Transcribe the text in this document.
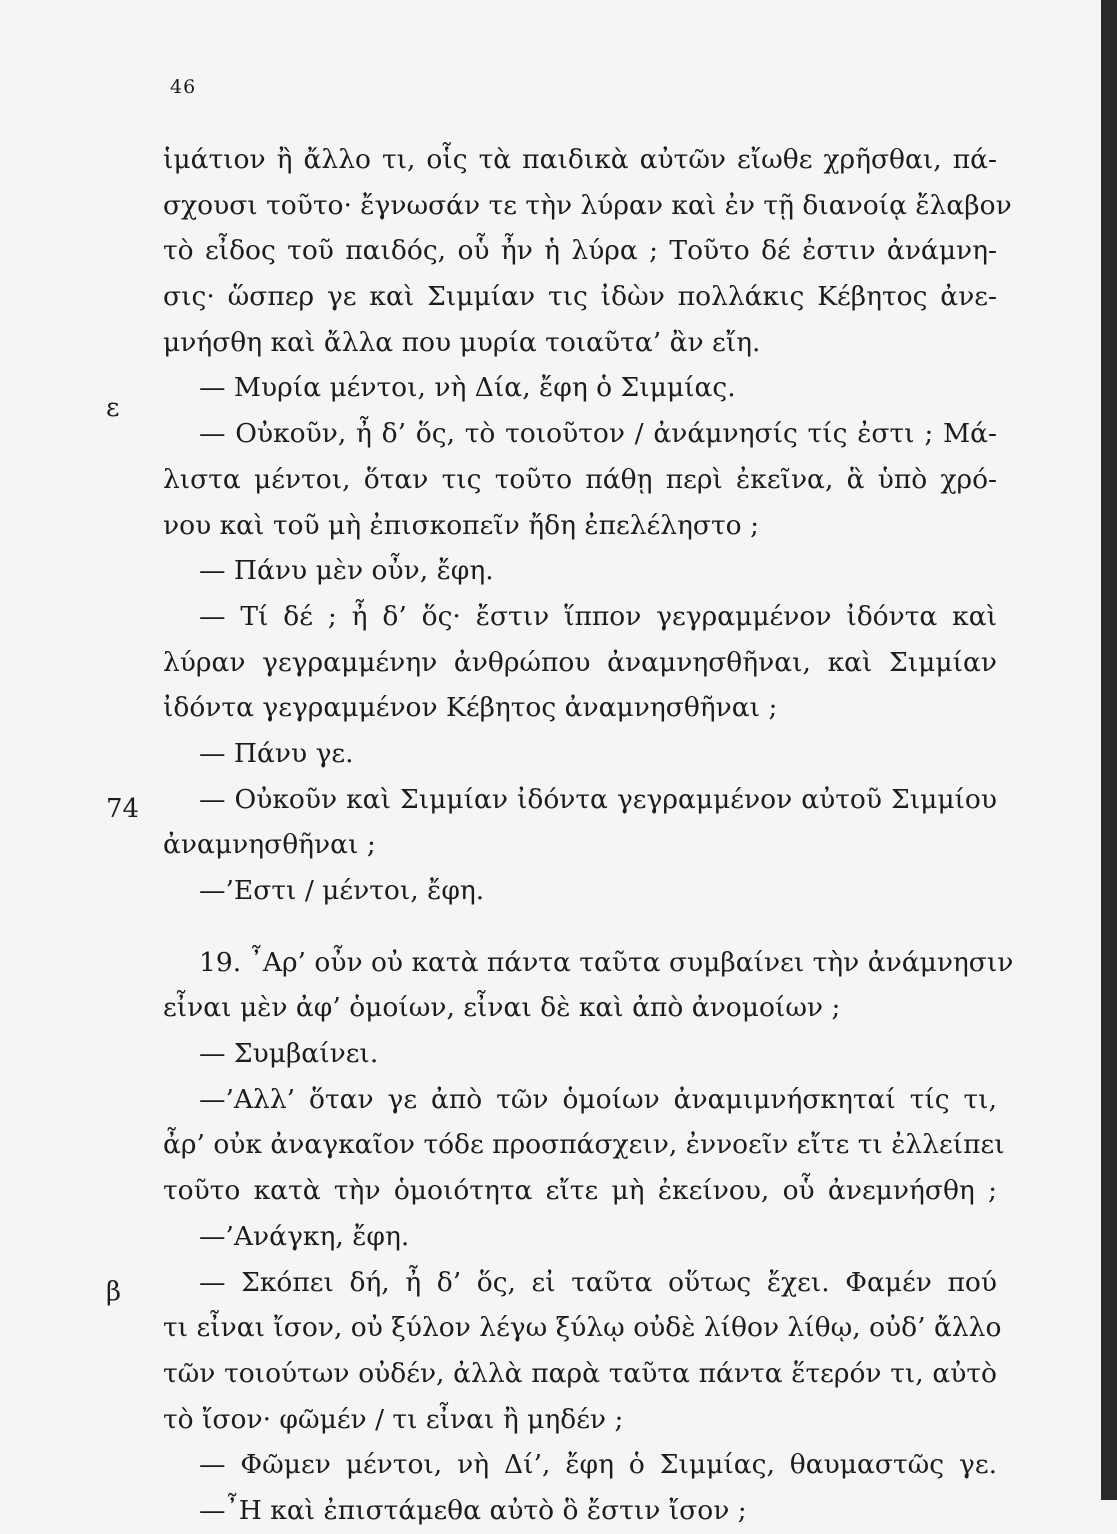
46
ε
74
β
ἱμάτιον ἢ ἄλλο τι, οἷς τὰ παιδικὰ αὐτῶν εἴωθε χρῆσθαι, πά-
σχουσι τοῦτο· ἔγνωσάν τε τὴν λύραν καὶ ἐν τῇ διανοίᾳ ἔλαβον
τὸ εἶδος τοῦ παιδός, οὗ ἦν ἡ λύρα ; Τοῦτο δέ ἐστιν ἀνάμνη-
σις· ὥσπερ γε καὶ Σιμμίαν τις ἰδὼν πολλάκις Κέβητος ἀνε-
μνήσθη καὶ ἄλλα που μυρία τοιαῦτα’ ἂν εἴη.
— Μυρία μέντοι, νὴ Δία, ἔφη ὁ Σιμμίας.
— Οὐκοῦν, ἦ δ’ ὅς, τὸ τοιοῦτον / ἀνάμνησίς τίς ἐστι ; Μά-
λιστα μέντοι, ὅταν τις τοῦτο πάθῃ περὶ ἐκεῖνα, ἃ ὑπὸ χρό-
νου καὶ τοῦ μὴ ἐπισκοπεῖν ἤδη ἐπελέληστο ;
— Πάνυ μὲν οὖν, ἔφη.
— Τί δέ ; ἦ δ’ ὅς· ἔστιν ἵππον γεγραμμένον ἰδόντα καὶ
λύραν γεγραμμένην ἀνθρώπου ἀναμνησθῆναι, καὶ Σιμμίαν
ἰδόντα γεγραμμένον Κέβητος ἀναμνησθῆναι ;
— Πάνυ γε.
— Οὐκοῦν καὶ Σιμμίαν ἰδόντα γεγραμμένον αὐτοῦ Σιμμίου
ἀναμνησθῆναι ;
—’Εστι / μέντοι, ἔφη.
19. ῏Αρ’ οὖν οὐ κατὰ πάντα ταῦτα συμβαίνει τὴν ἀνάμνησιν
εἶναι μὲν ἀφ’ ὁμοίων, εἶναι δὲ καὶ ἀπὸ ἀνομοίων ;
— Συμβαίνει.
—’Αλλ’ ὅταν γε ἀπὸ τῶν ὁμοίων ἀναμιμνήσκηταί τίς τι,
ἆρ’ οὐκ ἀναγκαῖον τόδε προσπάσχειν, ἐννοεῖν εἴτε τι ἐλλείπει
τοῦτο κατὰ τὴν ὁμοιότητα εἴτε μὴ ἐκείνου, οὗ ἀνεμνήσθη ;
—’Ανάγκη, ἔφη.
— Σκόπει δή, ἦ δ’ ὅς, εἰ ταῦτα οὕτως ἔχει. Φαμέν πού
τι εἶναι ἴσον, οὐ ξύλον λέγω ξύλῳ οὐδὲ λίθον λίθῳ, οὐδ’ ἄλλο
τῶν τοιούτων οὐδέν, ἀλλὰ παρὰ ταῦτα πάντα ἕτερόν τι, αὐτὸ
τὸ ἴσον· φῶμέν / τι εἶναι ἢ μηδέν ;
— Φῶμεν μέντοι, νὴ Δί’, ἔφη ὁ Σιμμίας, θαυμαστῶς γε.
—῏Η καὶ ἐπιστάμεθα αὐτὸ ὃ ἔστιν ἴσον ;
